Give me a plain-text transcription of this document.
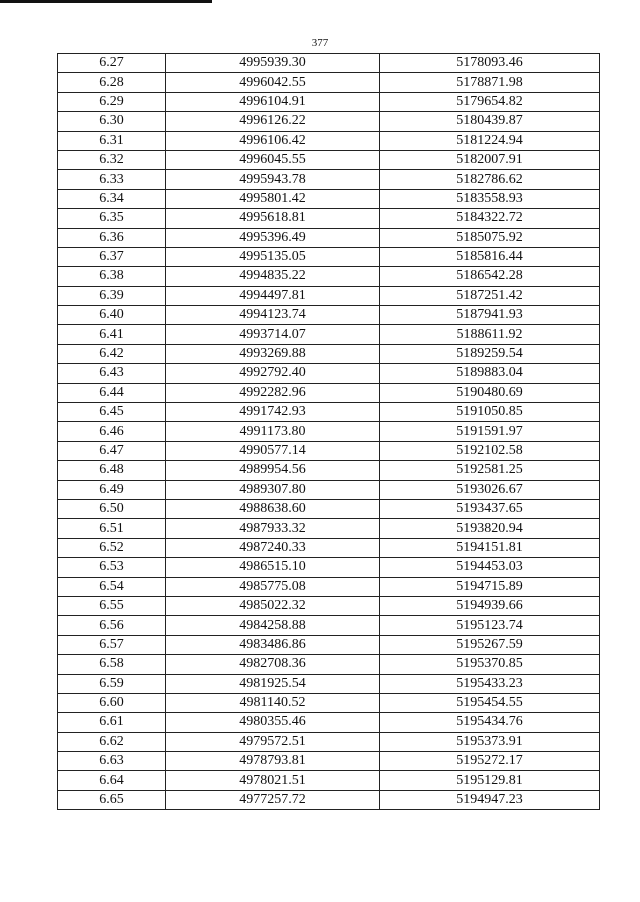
377
6.27	4995939.30	5178093.46
6.28	4996042.55	5178871.98
6.29	4996104.91	5179654.82
6.30	4996126.22	5180439.87
6.31	4996106.42	5181224.94
6.32	4996045.55	5182007.91
6.33	4995943.78	5182786.62
6.34	4995801.42	5183558.93
6.35	4995618.81	5184322.72
6.36	4995396.49	5185075.92
6.37	4995135.05	5185816.44
6.38	4994835.22	5186542.28
6.39	4994497.81	5187251.42
6.40	4994123.74	5187941.93
6.41	4993714.07	5188611.92
6.42	4993269.88	5189259.54
6.43	4992792.40	5189883.04
6.44	4992282.96	5190480.69
6.45	4991742.93	5191050.85
6.46	4991173.80	5191591.97
6.47	4990577.14	5192102.58
6.48	4989954.56	5192581.25
6.49	4989307.80	5193026.67
6.50	4988638.60	5193437.65
6.51	4987933.32	5193820.94
6.52	4987240.33	5194151.81
6.53	4986515.10	5194453.03
6.54	4985775.08	5194715.89
6.55	4985022.32	5194939.66
6.56	4984258.88	5195123.74
6.57	4983486.86	5195267.59
6.58	4982708.36	5195370.85
6.59	4981925.54	5195433.23
6.60	4981140.52	5195454.55
6.61	4980355.46	5195434.76
6.62	4979572.51	5195373.91
6.63	4978793.81	5195272.17
6.64	4978021.51	5195129.81
6.65	4977257.72	5194947.23
